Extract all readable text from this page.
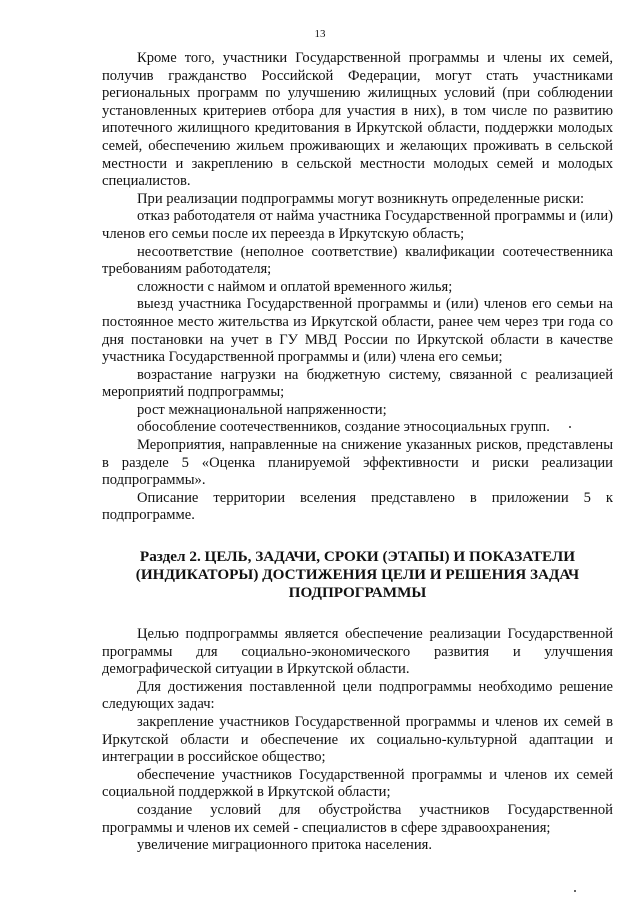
13

Кроме того, участники Государственной программы и члены их семей, получив гражданство Российской Федерации, могут стать участниками региональных программ по улучшению жилищных условий (при соблюдении установленных критериев отбора для участия в них), в том числе по развитию ипотечного жилищного кредитования в Иркутской области, поддержки молодых семей, обеспечению жильем проживающих и желающих проживать в сельской местности и закреплению в сельской местности молодых семей и молодых специалистов.

При реализации подпрограммы могут возникнуть определенные риски:

отказ работодателя от найма участника Государственной программы и (или) членов его семьи после их переезда в Иркутскую область;

несоответствие (неполное соответствие) квалификации соотечественника требованиям работодателя;

сложности с наймом и оплатой временного жилья;

выезд участника Государственной программы и (или) членов его семьи на постоянное место жительства из Иркутской области, ранее чем через три года со дня постановки на учет в ГУ МВД России по Иркутской области в качестве участника Государственной программы и (или) члена его семьи;

возрастание нагрузки на бюджетную систему, связанной с реализацией мероприятий подпрограммы;

рост межнациональной напряженности;

обособление соотечественников, создание этносоциальных групп.

Мероприятия, направленные на снижение указанных рисков, представлены в разделе 5 «Оценка планируемой эффективности и риски реализации подпрограммы».

Описание территории вселения представлено в приложении 5 к подпрограмме.

Раздел 2. ЦЕЛЬ, ЗАДАЧИ, СРОКИ (ЭТАПЫ) И ПОКАЗАТЕЛИ (ИНДИКАТОРЫ) ДОСТИЖЕНИЯ ЦЕЛИ И РЕШЕНИЯ ЗАДАЧ ПОДПРОГРАММЫ

Целью подпрограммы является обеспечение реализации Государственной программы для социально-экономического развития и улучшения демографической ситуации в Иркутской области.

Для достижения поставленной цели подпрограммы необходимо решение следующих задач:

закрепление участников Государственной программы и членов их семей в Иркутской области и обеспечение их социально-культурной адаптации и интеграции в российское общество;

обеспечение участников Государственной программы и членов их семей социальной поддержкой в Иркутской области;

создание условий для обустройства участников Государственной программы и членов их семей - специалистов в сфере здравоохранения;

увеличение миграционного притока населения.
